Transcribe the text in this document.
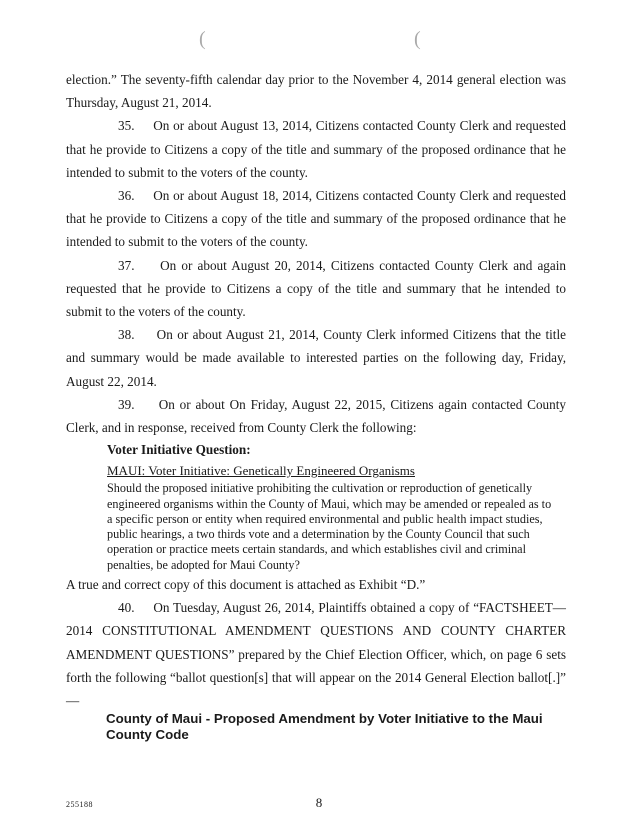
(	(

election.” The seventy-fifth calendar day prior to the November 4, 2014 general election was Thursday, August 21, 2014.

35.     On or about August 13, 2014, Citizens contacted County Clerk and requested that he provide to Citizens a copy of the title and summary of the proposed ordinance that he intended to submit to the voters of the county.

36.     On or about August 18, 2014, Citizens contacted County Clerk and requested that he provide to Citizens a copy of the title and summary of the proposed ordinance that he intended to submit to the voters of the county.

37.     On or about August 20, 2014, Citizens contacted County Clerk and again requested that he provide to Citizens a copy of the title and summary that he intended to submit to the voters of the county.

38.     On or about August 21, 2014, County Clerk informed Citizens that the title and summary would be made available to interested parties on the following day, Friday, August 22, 2014.

39.     On or about On Friday, August 22, 2015, Citizens again contacted County Clerk, and in response, received from County Clerk the following:

Voter Initiative Question:

MAUI: Voter Initiative: Genetically Engineered Organisms

Should the proposed initiative prohibiting the cultivation or reproduction of genetically engineered organisms within the County of Maui, which may be amended or repealed as to a specific person or entity when required environmental and public health impact studies, public hearings, a two thirds vote and a determination by the County Council that such operation or practice meets certain standards, and which establishes civil and criminal penalties, be adopted for Maui County?

A true and correct copy of this document is attached as Exhibit “D.”

40.     On Tuesday, August 26, 2014, Plaintiffs obtained a copy of “FACTSHEET— 2014 CONSTITUTIONAL AMENDMENT QUESTIONS AND COUNTY CHARTER AMENDMENT QUESTIONS” prepared by the Chief Election Officer, which, on page 6 sets forth the following “ballot question[s] that will appear on the 2014 General Election ballot[.]” —

County of Maui - Proposed Amendment by Voter Initiative to the Maui County Code
255188	8
